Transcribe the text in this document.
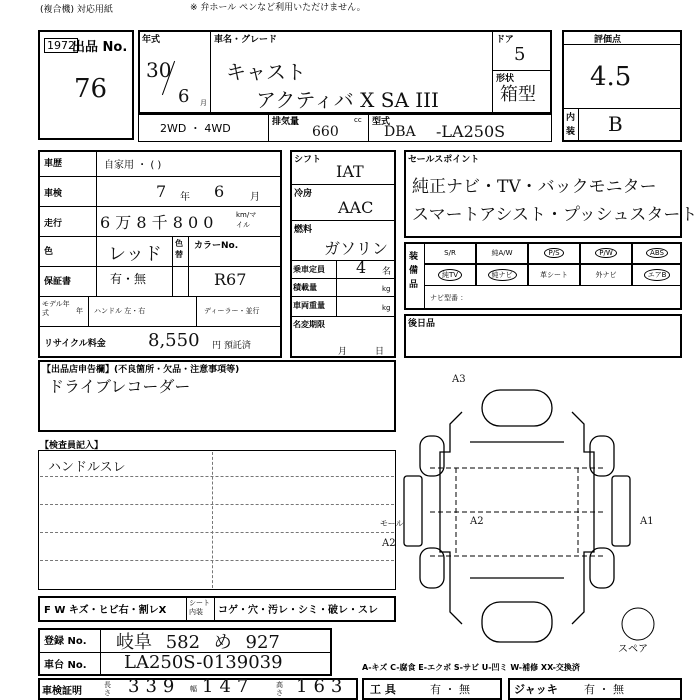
(複合機) 対応用紙	※ 弁ホール ペンなど利用いただけません。
1972
出品 No.
76
年式
30
6 月
車名・グレード
キャスト
アクティバ X SA III
ドア
5
形状
箱型
評価点
4.5
内装 B
2WD ・ 4WD	排気量
660
cc 型式
DBA -LA250S
車歴	自家用 ・ ( )
車検	7 年 6	月
走行 6 万 8 千 8 0 0	km/マイル
色	レッド
色替
カラーNo.
R67
保証書	有・無
モデル年式	年 ハンドル 左・右	ディーラー・並行
リサイクル料金 8,550 円 預託済
シフト
IAT
冷房
AAC
燃料
ガソリン
乗車定員 4 名
積載量	kg
車両重量	kg
名変期限
月日
セールスポイント
純正ナビ・TV・バックモニター
スマートアシスト・プッシュスタート
装備品
S/R	純A/W	P/S	P/W	ABS
純TV	純ナビ	革シート	外ナビ	エアB
ナビ型番 ：
後日品
【出品店申告欄】(不良箇所・欠品・注意事項等)
ドライブレコーダー
【検査員記入】
ハンドルスレ
F W キズ・ヒビ右・割レX
シート内装	コゲ・穴・汚レ・シミ・破レ・スレ
登録 No. 岐阜 582 め 927
車台 No. LA250S-0139039
車検証明
長さ 339 幅 147	高さ 163 工 具	有 ・ 無	ジャッキ 有 ・ 無
A-キズ C-腐食 E-エクボ S-サビ U-凹ミ W-補修 XX-交換済
A3
A2	A1
A2
モール
スペア
